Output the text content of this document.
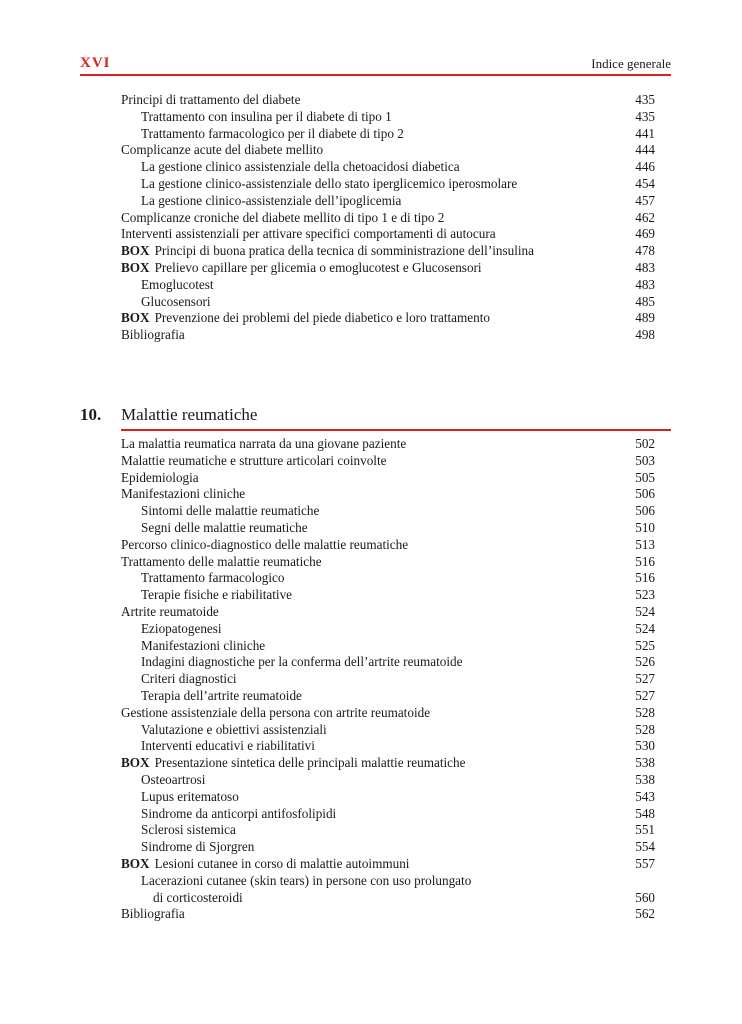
XVI	Indice generale
Principi di trattamento del diabete	435
Trattamento con insulina per il diabete di tipo 1	435
Trattamento farmacologico per il diabete di tipo 2	441
Complicanze acute del diabete mellito	444
La gestione clinico assistenziale della chetoacidosi diabetica	446
La gestione clinico-assistenziale dello stato iperglicemico iperosmolare	454
La gestione clinico-assistenziale dell’ipoglicemia	457
Complicanze croniche del diabete mellito di tipo 1 e di tipo 2	462
Interventi assistenziali per attivare specifici comportamenti di autocura	469
BOX Principi di buona pratica della tecnica di somministrazione dell’insulina	478
BOX Prelievo capillare per glicemia o emoglucotest e Glucosensori	483
Emoglucotest	483
Glucosensori	485
BOX Prevenzione dei problemi del piede diabetico e loro trattamento	489
Bibliografia	498
10. Malattie reumatiche
La malattia reumatica narrata da una giovane paziente	502
Malattie reumatiche e strutture articolari coinvolte	503
Epidemiologia	505
Manifestazioni cliniche	506
Sintomi delle malattie reumatiche	506
Segni delle malattie reumatiche	510
Percorso clinico-diagnostico delle malattie reumatiche	513
Trattamento delle malattie reumatiche	516
Trattamento farmacologico	516
Terapie fisiche e riabilitative	523
Artrite reumatoide	524
Eziopatogenesi	524
Manifestazioni cliniche	525
Indagini diagnostiche per la conferma dell’artrite reumatoide	526
Criteri diagnostici	527
Terapia dell’artrite reumatoide	527
Gestione assistenziale della persona con artrite reumatoide	528
Valutazione e obiettivi assistenziali	528
Interventi educativi e riabilitativi	530
BOX Presentazione sintetica delle principali malattie reumatiche	538
Osteoartrosi	538
Lupus eritematoso	543
Sindrome da anticorpi antifosfolipidi	548
Sclerosi sistemica	551
Sindrome di Sjorgren	554
BOX Lesioni cutanee in corso di malattie autoimmuni	557
Lacerazioni cutanee (skin tears) in persone con uso prolungato
di corticosteroidi	560
Bibliografia	562
